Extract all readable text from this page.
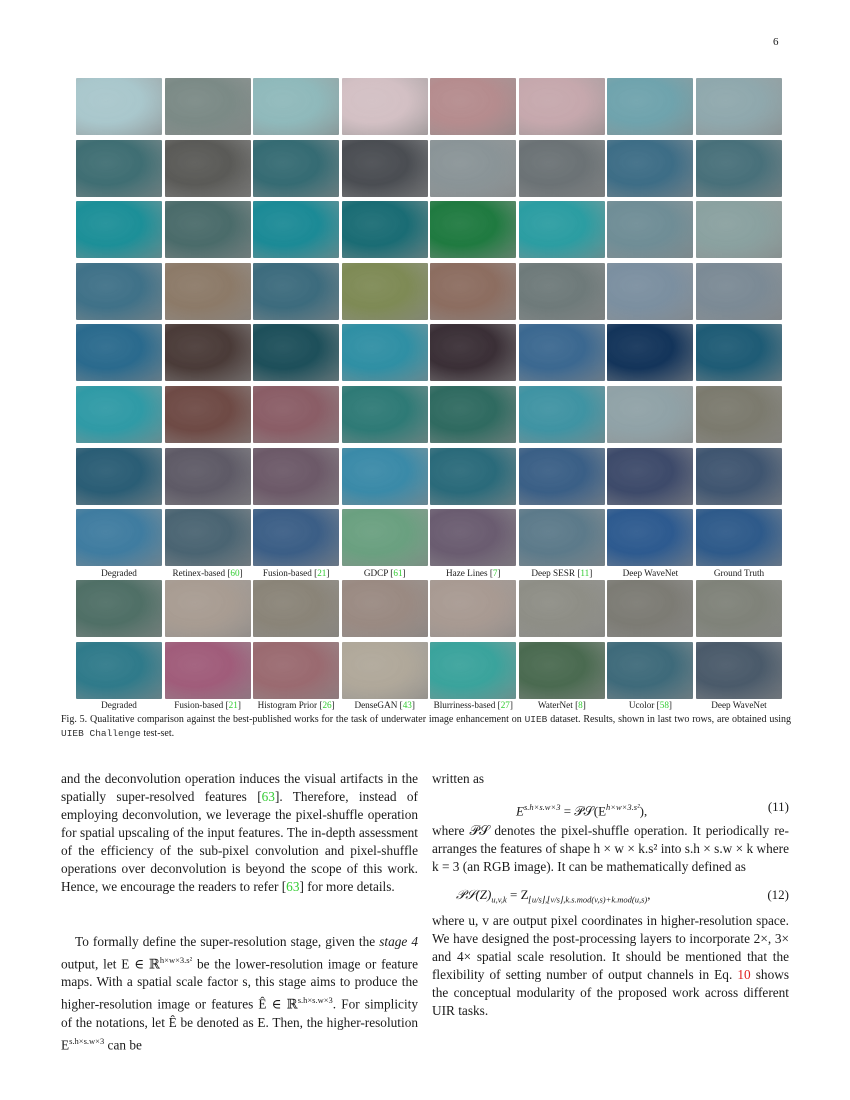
6
Degraded	Retinex-based [60]	Fusion-based [21]	GDCP [61]	Haze Lines [7]	Deep SESR [11]	Deep WaveNet	Ground Truth
Degraded	Fusion-based [21]	Histogram Prior [26]	DenseGAN [43]	Blurriness-based [27]	WaterNet [8]	Ucolor [58]	Deep WaveNet
Fig. 5. Qualitative comparison against the best-published works for the task of underwater image enhancement on UIEB dataset. Results, shown in last two rows, are obtained using UIEB Challenge test-set.

and the deconvolution operation induces the visual artifacts in the spatially super-resolved features [63]. Therefore, instead of employing deconvolution, we leverage the pixel-shuffle operation for spatial upscaling of the input features. The in-depth assessment of the efficiency of the sub-pixel convolution and pixel-shuffle operations over deconvolution is beyond the scope of this work. Hence, we encourage the readers to refer [63] for more details.

To formally define the super-resolution stage, given the stage 4 output, let E ∈ ℝ$^{h\times w\times 3.s^2}$ be the lower-resolution image or feature maps. With a spatial scale factor s, this stage aims to produce the higher-resolution image or features Ê ∈ ℝ$^{s.h\times s.w\times 3}$. For simplicity of the notations, let Ê be denoted as E. Then, the higher-resolution $E^{s.h\times s.w\times 3}$ can be

written as

$E^{s.h\times s.w\times 3}$ = $𝒫𝒮(E^{h\times w\times 3.s^2})$,	(11)

where 𝒫𝒮 denotes the pixel-shuffle operation. It periodically re-arranges the features of shape h × w × k.s² into s.h × s.w × k where k = 3 (an RGB image). It can be mathematically defined as

$𝒫𝒮(Z)_{u,v,k} = Z_{⌊u/s⌋,⌊v/s⌋,k.s.mod(v,s)+k.mod(u,s)}$,	(12)

where u, v are output pixel coordinates in higher-resolution space. We have designed the post-processing layers to incorporate 2×, 3× and 4× spatial scale resolution. It should be mentioned that the flexibility of setting number of output channels in Eq. 10 shows the conceptual modularity of the proposed work across different UIR tasks.
